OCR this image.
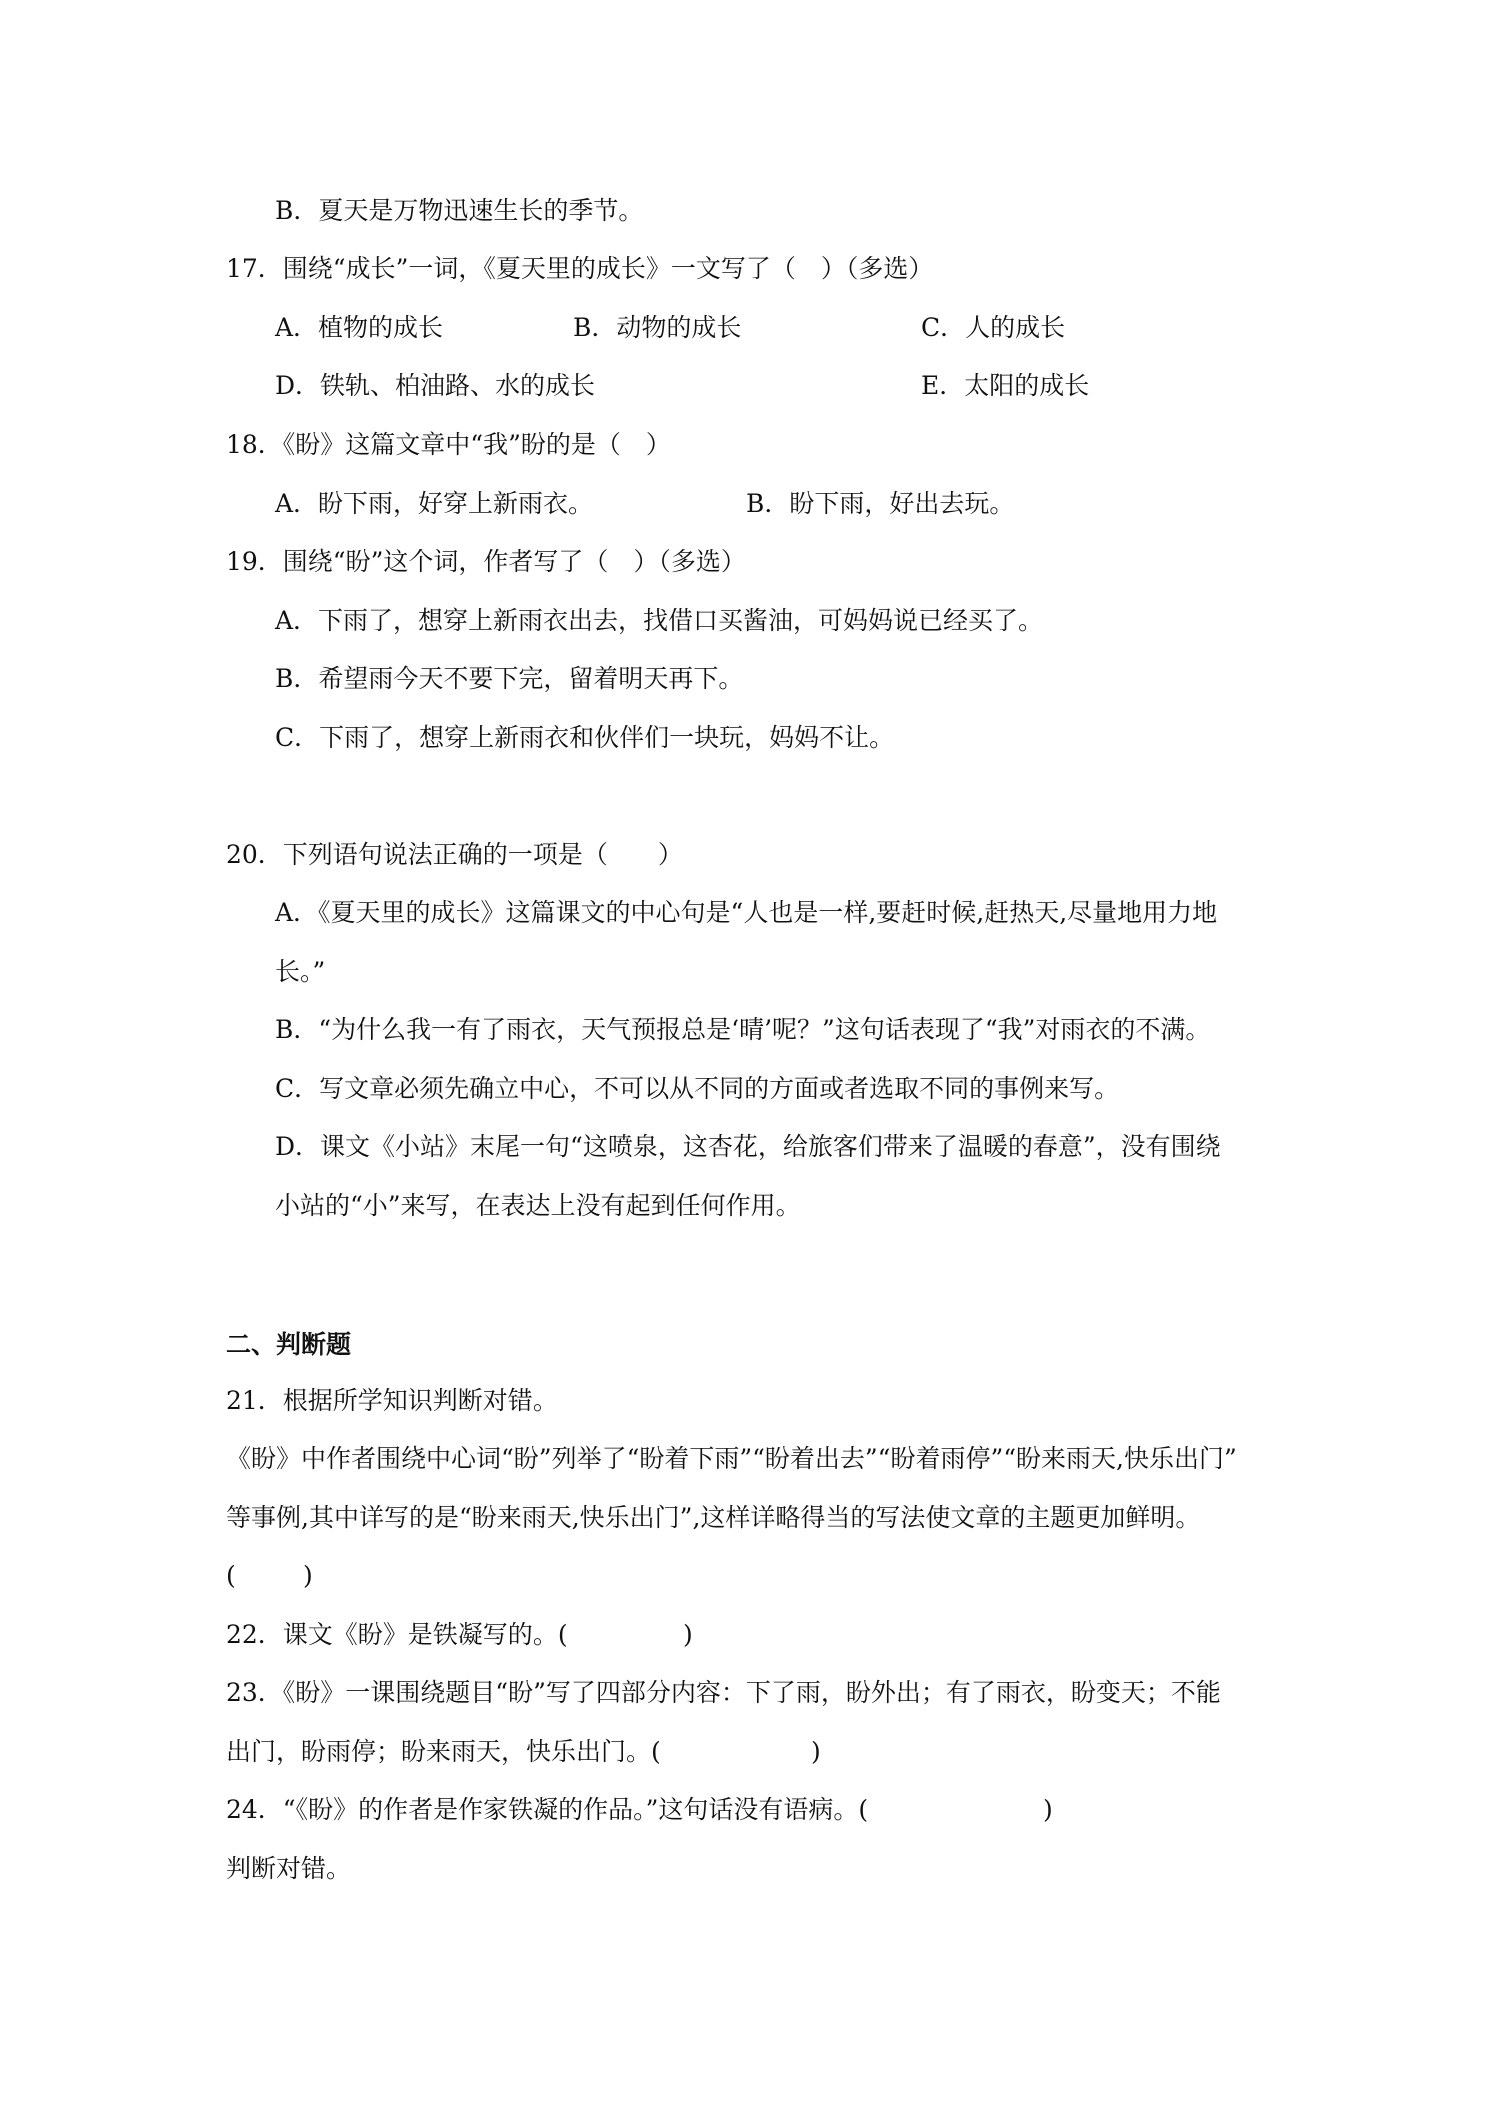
B．夏天是万物迅速生长的季节。
17．围绕“成长”一词，《夏天里的成长》一文写了（　）（多选）
A．植物的成长	B．动物的成长	C．人的成长
D．铁轨、柏油路、水的成长	E．太阳的成长
18．《盼》这篇文章中“我”盼的是（　）
A．盼下雨，好穿上新雨衣。	B．盼下雨，好出去玩。
19．围绕“盼”这个词，作者写了（　）（多选）
A．下雨了，想穿上新雨衣出去，找借口买酱油，可妈妈说已经买了。
B．希望雨今天不要下完，留着明天再下。
C．下雨了，想穿上新雨衣和伙伴们一块玩，妈妈不让。
20．下列语句说法正确的一项是（　　）
A．《夏天里的成长》这篇课文的中心句是“人也是一样,要赶时候,赶热天,尽量地用力地
长。”
B．“为什么我一有了雨衣，天气预报总是‘晴’呢？”这句话表现了“我”对雨衣的不满。
C．写文章必须先确立中心，不可以从不同的方面或者选取不同的事例来写。
D．课文《小站》末尾一句“这喷泉，这杏花，给旅客们带来了温暖的春意”，没有围绕
小站的“小”来写，在表达上没有起到任何作用。
二、判断题
21．根据所学知识判断对错。
《盼》中作者围绕中心词“盼”列举了“盼着下雨”“盼着出去”“盼着雨停”“盼来雨天,快乐出门”
等事例,其中详写的是“盼来雨天,快乐出门”,这样详略得当的写法使文章的主题更加鲜明。
(	)
22．课文《盼》是铁凝写的。(	)
23．《盼》一课围绕题目“盼”写了四部分内容：下了雨，盼外出；有了雨衣，盼变天；不能
出门，盼雨停；盼来雨天，快乐出门。(	)
24．“《盼》的作者是作家铁凝的作品。”这句话没有语病。(	)
判断对错。
